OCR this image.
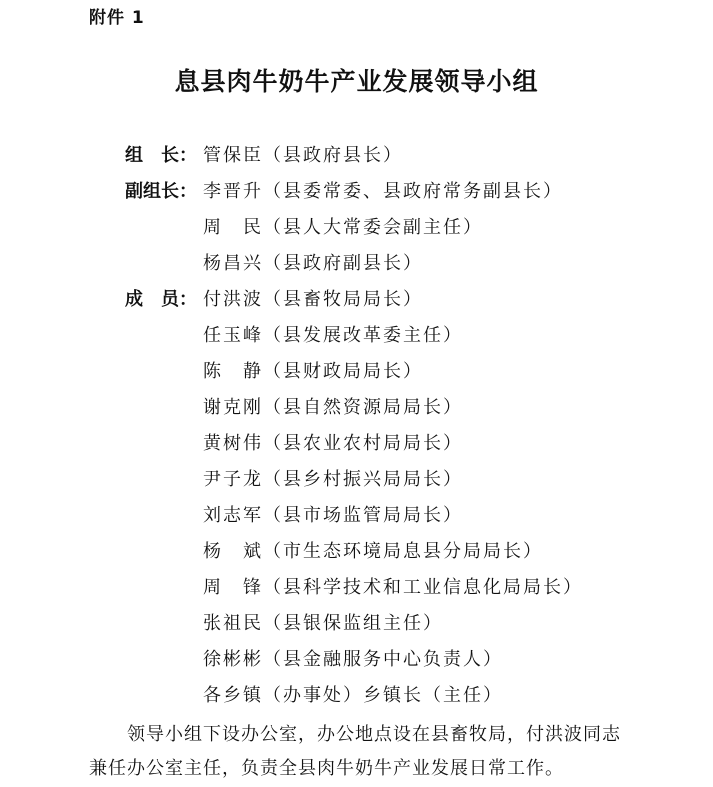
附件 1
息县肉牛奶牛产业发展领导小组
组　长： 管保臣（县政府县长）
副组长： 李晋升（县委常委、县政府常务副县长）
周　民（县人大常委会副主任）
杨昌兴（县政府副县长）
成　员： 付洪波（县畜牧局局长）
任玉峰（县发展改革委主任）
陈　静（县财政局局长）
谢克刚（县自然资源局局长）
黄树伟（县农业农村局局长）
尹子龙（县乡村振兴局局长）
刘志军（县市场监管局局长）
杨　斌（市生态环境局息县分局局长）
周　锋（县科学技术和工业信息化局局长）
张祖民（县银保监组主任）
徐彬彬（县金融服务中心负责人）
各乡镇（办事处）乡镇长（主任）
　　领导小组下设办公室，办公地点设在县畜牧局，付洪波同志
兼任办公室主任，负责全县肉牛奶牛产业发展日常工作。
